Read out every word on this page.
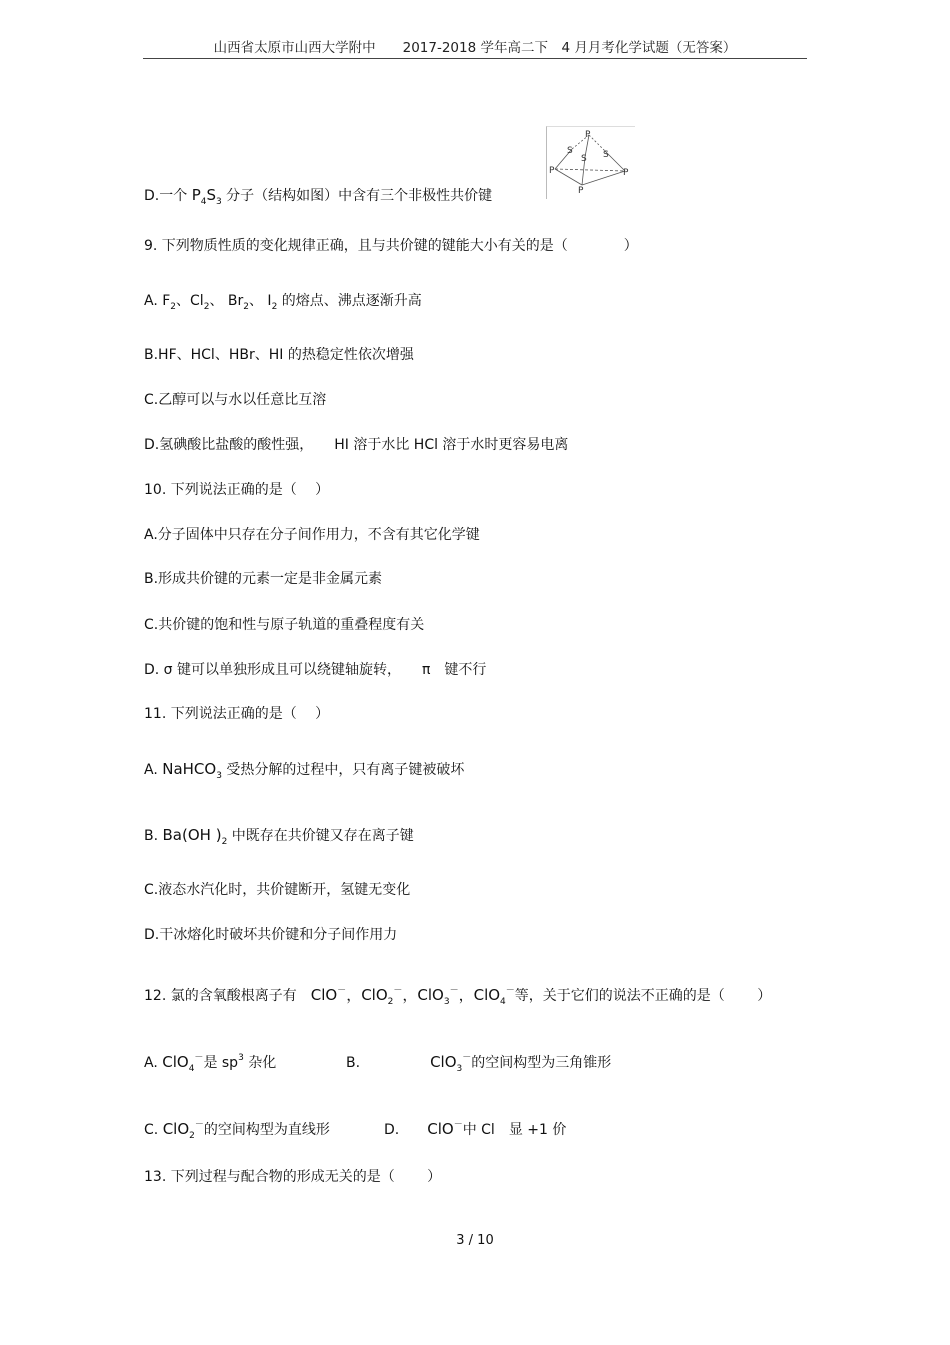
山西省太原市山西大学附中　　2017-2018 学年高二下　4 月月考化学试题（无答案）
P
S
S S
P	P
P
D.一个 $P_4S_3$ 分子（结构如图）中含有三个非极性共价键
9. 下列物质性质的变化规律正确，且与共价键的键能大小有关的是（　　　　）
A. $F_2$、$Cl_2$、 $Br_2$、 $I_2$ 的熔点、沸点逐渐升高
B.HF、HCl、HBr、HI 的热稳定性依次增强
C.乙醇可以与水以任意比互溶
D.氢碘酸比盐酸的酸性强，　　HI 溶于水比 HCl 溶于水时更容易电离
10. 下列说法正确的是（　 ）
A.分子固体中只存在分子间作用力，不含有其它化学键
B.形成共价键的元素一定是非金属元素
C.共价键的饱和性与原子轨道的重叠程度有关
D. σ 键可以单独形成且可以绕键轴旋转，　　π　键不行
11. 下列说法正确的是（　 ）
A. NaHCO$_3$ 受热分解的过程中，只有离子键被破坏
B. Ba(OH )$_2$ 中既存在共价键又存在离子键
C.液态水汽化时，共价键断开，氢键无变化
D.干冰熔化时破坏共价键和分子间作用力
12. 氯的含氧酸根离子有　ClO－，ClO$_2$－，ClO$_3$－，ClO$_4$－等，关于它们的说法不正确的是（　　 ）
A. ClO$_4$－是 $sp^3$ 杂化	B.	ClO$_3$－的空间构型为三角锥形
C. ClO$_2$－的空间构型为直线形	D. ClO－中 Cl　显 +1 价
13. 下列过程与配合物的形成无关的是（　　 ）
3 / 10
